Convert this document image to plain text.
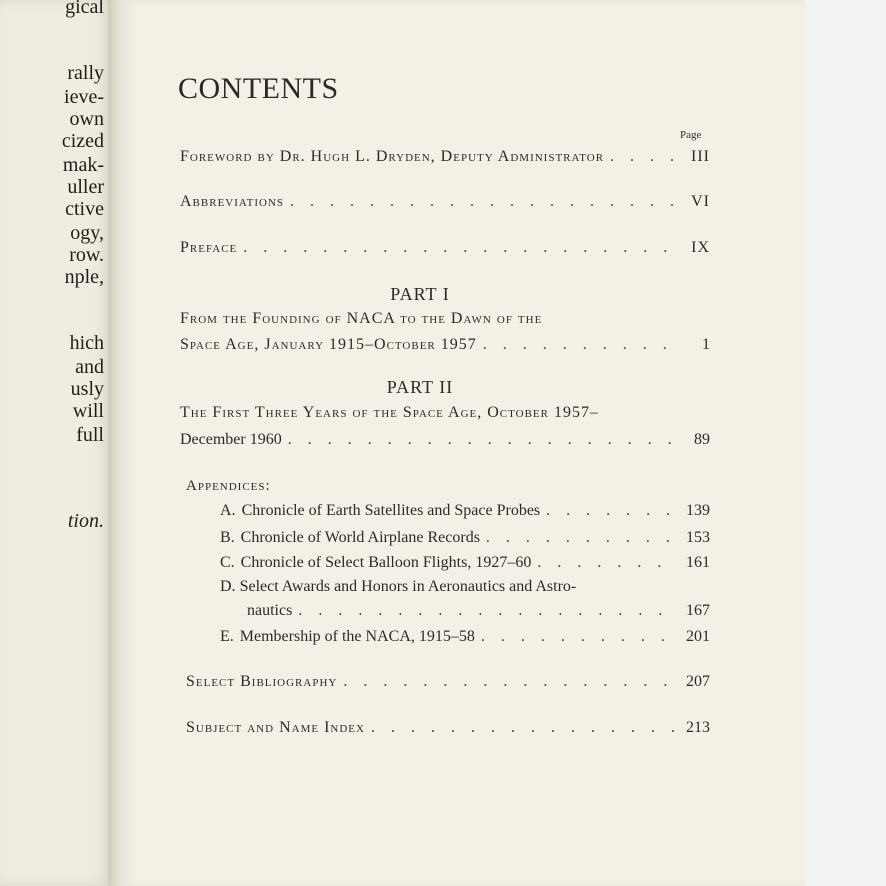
gical
rally
ieve-
own
cized
mak-
uller
ctive
ogy,
row.
nple,
hich
and
usly
will
full
tion.
CONTENTS
Page
Foreword by Dr. Hugh L. Dryden, Deputy Administrator . . .	III
Abbreviations . . .	VI
Preface . . .	IX
PART I
From the Founding of NACA to the Dawn of the
Space Age, January 1915–October 1957 . . .	1
PART II
The First Three Years of the Space Age, October 1957–
December 1960 . . .	89
Appendices:
A. Chronicle of Earth Satellites and Space Probes . . .	139
B. Chronicle of World Airplane Records . . .	153
C. Chronicle of Select Balloon Flights, 1927–60 . . .	161
D. Select Awards and Honors in Aeronautics and Astro-
nautics . . .	167
E. Membership of the NACA, 1915–58 . . .	201
Select Bibliography . . .	207
Subject and Name Index . . .	213
